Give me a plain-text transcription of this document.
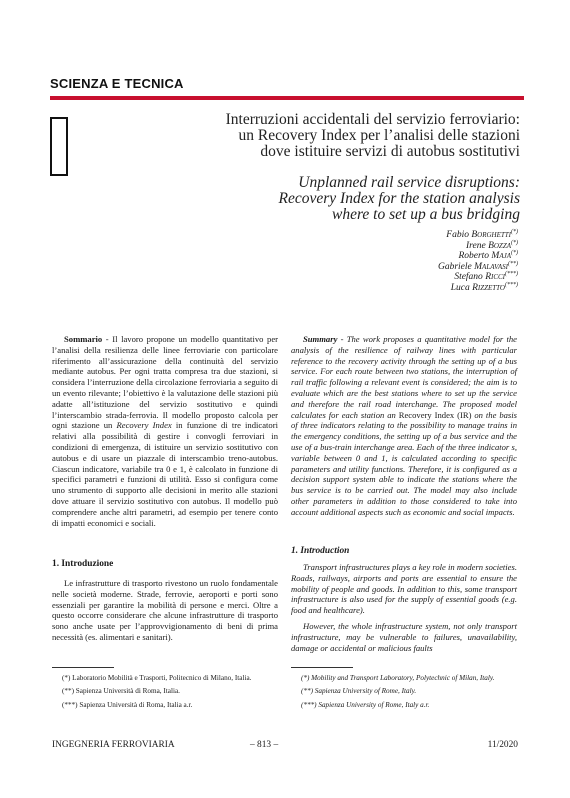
SCIENZA E TECNICA
Interruzioni accidentali del servizio ferroviario:
un Recovery Index per l’analisi delle stazioni
dove istituire servizi di autobus sostitutivi
Unplanned rail service disruptions:
Recovery Index for the station analysis
where to set up a bus bridging
Fabio Borghetti(*)
Irene Bozza(*)
Roberto Maja(*)
Gabriele Malavasi(**)
Stefano Ricci(***)
Luca Rizzetto(***)

Sommario - Il lavoro propone un modello quantitativo per l’analisi della resilienza delle linee ferroviarie con particolare riferimento all’assicurazione della continuità del servizio mediante autobus. Per ogni tratta compresa tra due stazioni, si considera l’interruzione della circolazione ferroviaria a seguito di un evento rilevante; l’obiettivo è la valutazione delle stazioni più adatte all’istituzione del servizio sostitutivo e quindi l’interscambio strada-ferrovia. Il modello proposto calcola per ogni stazione un Recovery Index in funzione di tre indicatori relativi alla possibilità di gestire i convogli ferroviari in condizioni di emergenza, di istituire un servizio sostitutivo con autobus e di usare un piazzale di interscambio treno-autobus. Ciascun indicatore, variabile tra 0 e 1, è calcolato in funzione di specifici parametri e funzioni di utilità. Esso si configura come uno strumento di supporto alle decisioni in merito alle stazioni dove attuare il servizio sostitutivo con autobus. Il modello può comprendere anche altri parametri, ad esempio per tenere conto di impatti economici e sociali.

Summary - The work proposes a quantitative model for the analysis of the resilience of railway lines with particular reference to the recovery activity through the setting up of a bus service. For each route between two stations, the interruption of rail traffic following a relevant event is considered; the aim is to evaluate which are the best stations where to set up the service and therefore the rail road interchange. The proposed model calculates for each station an Recovery Index (IR) on the basis of three indicators relating to the possibility to manage trains in the emergency conditions, the setting up of a bus service and the use of a bus-train interchange area. Each of the three indicator s, variable between 0 and 1, is calculated according to specific parameters and utility functions. Therefore, it is configured as a decision support system able to indicate the stations where the bus service is to be carried out. The model may also include other parameters in addition to those considered to take into account additional aspects such as economic and social impacts.

1. Introduzione

Le infrastrutture di trasporto rivestono un ruolo fondamentale nelle società moderne. Strade, ferrovie, aeroporti e porti sono essenziali per garantire la mobilità di persone e merci. Oltre a questo occorre considerare che alcune infrastrutture di trasporto sono anche usate per l’approvvigionamento di beni di prima necessità (es. alimentari e sanitari).

1. Introduction

Transport infrastructures plays a key role in modern societies. Roads, railways, airports and ports are essential to ensure the mobility of people and goods. In addition to this, some transport infrastructure is also used for the supply of essential goods (e.g. food and healthcare).

However, the whole infrastructure system, not only transport infrastructure, may be vulnerable to failures, unavailability, damage or accidental or malicious faults

(*) Laboratorio Mobilità e Trasporti, Politecnico di Milano, Italia.

(**) Sapienza Università di Roma, Italia.

(***) Sapienza Università di Roma, Italia a.r.

(*) Mobility and Transport Laboratory, Polytechnic of Milan, Italy.

(**) Sapienza University of Rome, Italy.

(***) Sapienza University of Rome, Italy a.r.

INGEGNERIA FERROVIARIA	– 813 –	11/2020
